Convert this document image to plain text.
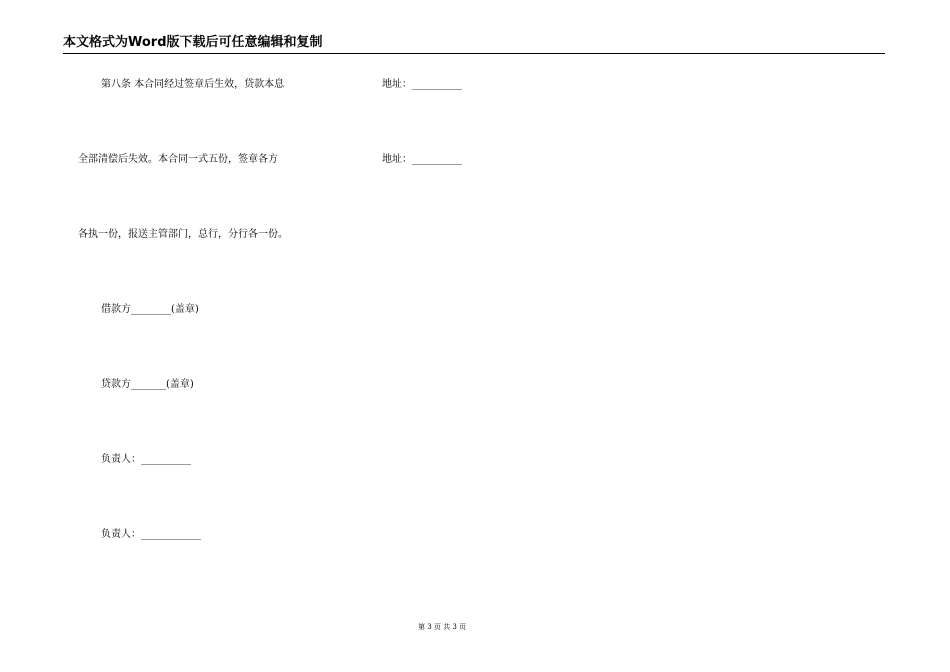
本文格式为Word版下载后可任意编辑和复制
第八条 本合同经过签章后生效，贷款本息	地址：__________
全部清偿后失效。本合同一式五份，签章各方	地址：__________
各执一份，报送主管部门，总行，分行各一份。
借款方________(盖章)
贷款方_______(盖章)
负责人：__________
负责人：____________
第 3 页 共 3 页
